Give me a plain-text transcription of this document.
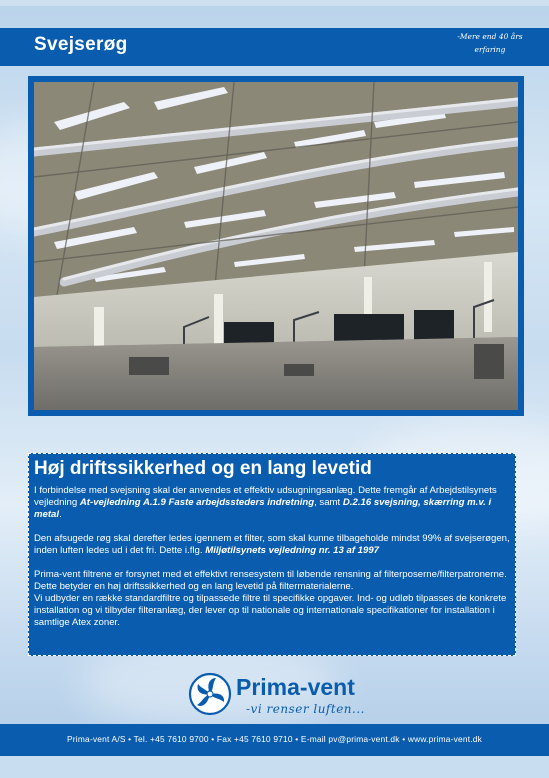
Svejserøg	-Mere end 40 års
erfaring
Høj driftssikkerhed og en lang levetid

I forbindelse med svejsning skal der anvendes et effektiv udsugningsanlæg. Dette fremgår af Arbejdstilsynets vejledning At-vejledning A.1.9 Faste arbejdssteders indretning, samt D.2.16 svejsning, skærring m.v. i metal.

Den afsugede røg skal derefter ledes igennem et filter, som skal kunne tilbageholde mindst 99% af svejserøgen, inden luften ledes ud i det fri. Dette i.flg. Miljøtilsynets vejledning nr. 13 af 1997

Prima-vent filtrene er forsynet med et effektivt rensesystem til løbende rensning af filterposerne/filterpatronerne. Dette betyder en høj driftssikkerhed og en lang levetid på filtermaterialerne.

Vi udbyder en række standardfiltre og tilpassede filtre til specifikke opgaver. Ind- og udløb tilpasses de konkrete installation og vi tilbyder filteranlæg, der lever op til nationale og internationale specifikationer for installation i samtlige Atex zoner.

Prima-vent
-vi renser luften...
Prima-vent A/S • Tel. +45 7610 9700 • Fax +45 7610 9710 • E-mail pv@prima-vent.dk • www.prima-vent.dk
